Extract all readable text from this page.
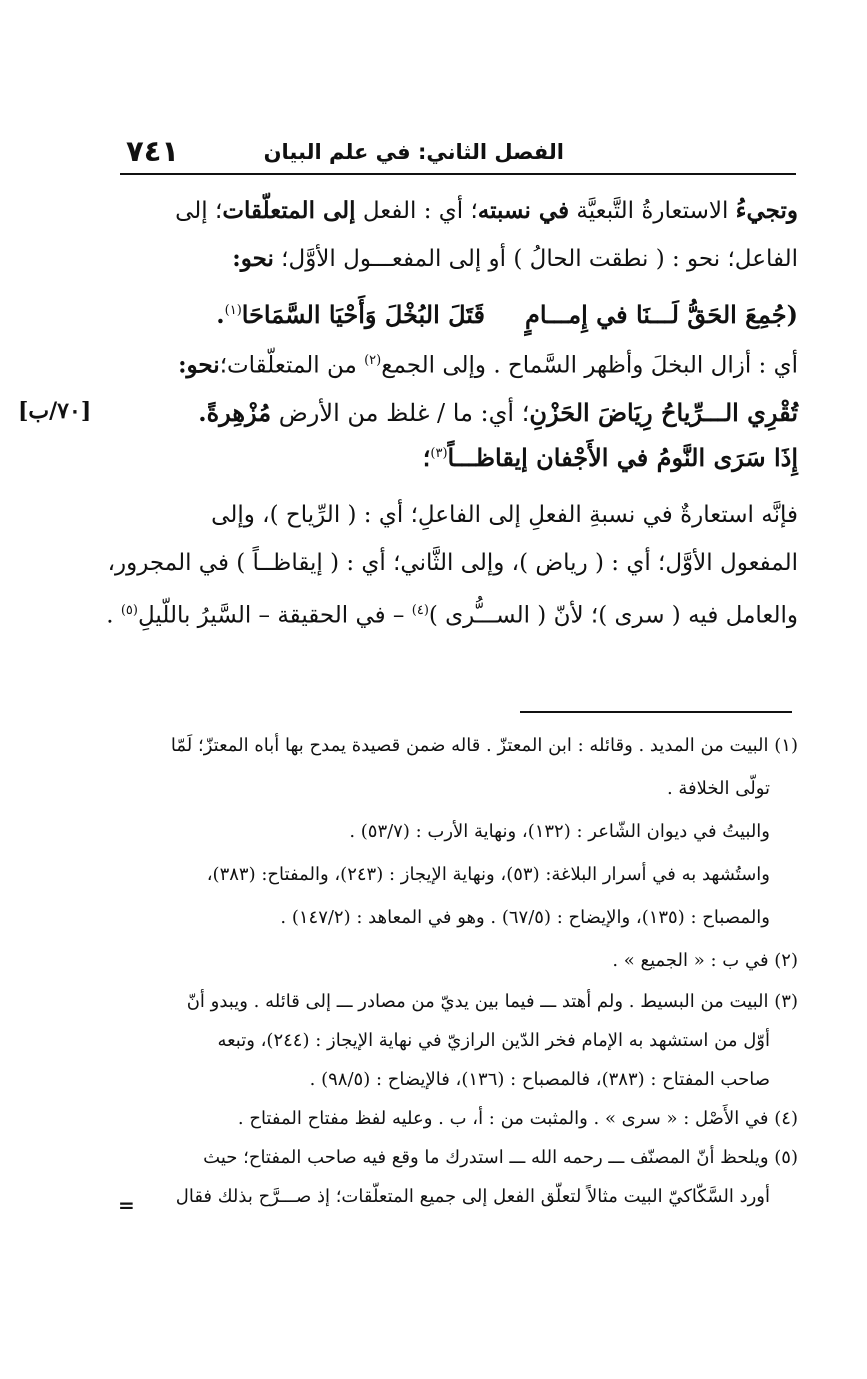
الفصل الثاني: في علم البيان
٧٤١
وتجيءُ الاستعارةُ التَّبعيَّة في نسبته؛ أي : الفعل إلى المتعلّقات؛ إلى
الفاعل؛ نحو : ( نطقت الحالُ ) أو إلى المفعـــول الأوَّل؛ نحو:
(جُمِعَ الحَقُّ لَـــنَا في إِمـــامٍقَتَلَ البُخْلَ وَأَحْيَا السَّمَاحَا$^{(١)}$.
أي : أزال البخلَ وأظهر السَّماح . وإلى الجمع$^{(٢)}$ من المتعلّقات؛نحو:
تُقْرِي الـــرِّياحُ رِيَاضَ الحَزْنِ؛ أي: ما / غلظ من الأرض مُزْهِرةً.
إِذَا سَرَى النَّومُ في الأَجْفان إيقاظـــاً$^{(٣)}$؛
فإنَّه استعارةٌ في نسبةِ الفعلِ إلى الفاعلِ؛ أي : ( الرِّياح )، وإلى
المفعول الأوَّل؛ أي : ( رياض )، وإلى الثَّاني؛ أي : ( إيقاظــاً ) في المجرور،
والعامل فيه ( سرى )؛ لأنّ ( الســـُّرى )$^{(٤)}$ – في الحقيقة – السَّيرُ باللّيلِ$^{(٥)}$ .
[٧٠/ب]
(١) البيت من المديد . وقائله : ابن المعتزّ . قاله ضمن قصيدة يمدح بها أباه المعتزّ؛ لَمّا
تولّى الخلافة .
والبيتُ في ديوان الشّاعر : (١٣٢)، ونهاية الأرب : (٥٣/٧) .
واستُشهد به في أسرار البلاغة: (٥٣)، ونهاية الإيجاز : (٢٤٣)، والمفتاح: (٣٨٣)،
والمصباح : (١٣٥)، والإيضاح : (٦٧/٥) . وهو في المعاهد : (١٤٧/٢) .
(٢) في ب : « الجميع » .
(٣) البيت من البسيط . ولم أهتد ـــ فيما بين يديّ من مصادر ـــ إلى قائله . ويبدو أنّ
أوّل من استشهد به الإمام فخر الدّين الرازيّ في نهاية الإيجاز : (٢٤٤)، وتبعه
صاحب المفتاح : (٣٨٣)، فالمصباح : (١٣٦)، فالإيضاح : (٩٨/٥) .
(٤) في الأَصْل : « سرى » . والمثبت من : أ، ب . وعليه لفظ مفتاح المفتاح .
(٥) ويلحظ أنّ المصنّف ـــ رحمه الله ـــ استدرك ما وقع فيه صاحب المفتاح؛ حيث
أورد السَّكّاكيّ البيت مثالاً لتعلّق الفعل إلى جميع المتعلّقات؛ إذ صـــرَّح بذلك فقال
=
